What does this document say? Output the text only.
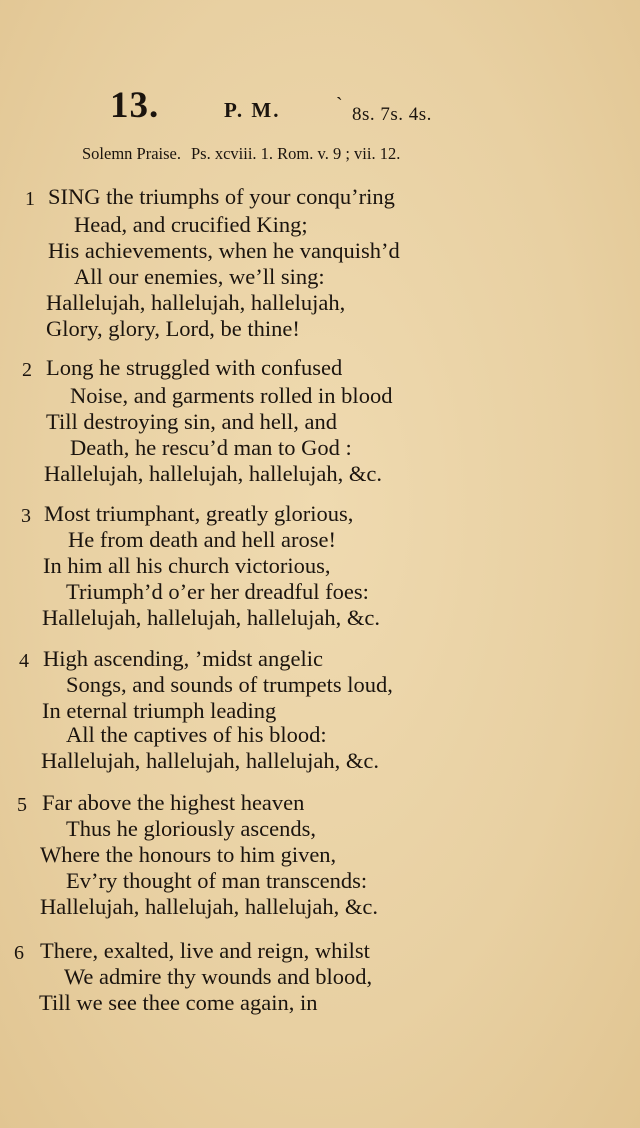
13.	P. M.	` 8s. 7s. 4s.
Solemn Praise. Ps. xcviii. 1. Rom. v. 9 ; vii. 12.
1 SING the triumphs of your conqu’ring
Head, and crucified King;
His achievements, when he vanquish’d
All our enemies, we’ll sing:
Hallelujah, hallelujah, hallelujah,
Glory, glory, Lord, be thine!
2 Long he struggled with confused
Noise, and garments rolled in blood
Till destroying sin, and hell, and
Death, he rescu’d man to God :
Hallelujah, hallelujah, hallelujah, &c.
3 Most triumphant, greatly glorious,
He from death and hell arose!
In him all his church victorious,
Triumph’d o’er her dreadful foes:
Hallelujah, hallelujah, hallelujah, &c.
4 High ascending, ’midst angelic
Songs, and sounds of trumpets loud,
In eternal triumph leading
All the captives of his blood:
Hallelujah, hallelujah, hallelujah, &c.
5 Far above the highest heaven
Thus he gloriously ascends,
Where the honours to him given,
Ev’ry thought of man transcends:
Hallelujah, hallelujah, hallelujah, &c.
6 There, exalted, live and reign, whilst
We admire thy wounds and blood,
Till we see thee come again, in
